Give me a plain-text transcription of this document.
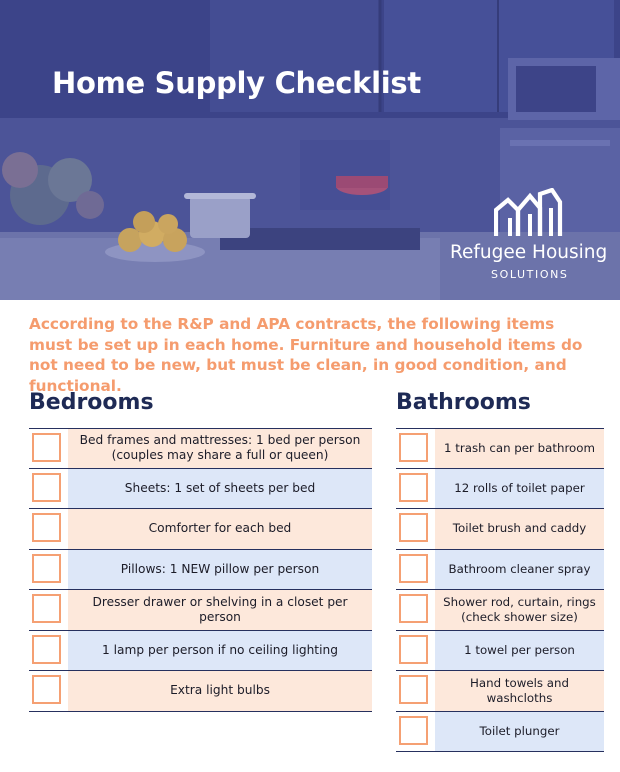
Home Supply Checklist
Refugee Housing
SOLUTIONS
According to the R&P and APA contracts, the following items must be set up in each home. Furniture and household items do not need to be new, but must be clean, in good condition, and functional.
Bedrooms	Bathrooms
Bed frames and mattresses: 1 bed per person (couples may share a full or queen)
Sheets: 1 set of sheets per bed
Comforter for each bed
Pillows: 1 NEW pillow per person
Dresser drawer or shelving in a closet per person
1 lamp per person if no ceiling lighting
Extra light bulbs
1 trash can per bathroom
12 rolls of toilet paper
Toilet brush and caddy
Bathroom cleaner spray
Shower rod, curtain, rings (check shower size)
1 towel per person
Hand towels and washcloths
Toilet plunger
